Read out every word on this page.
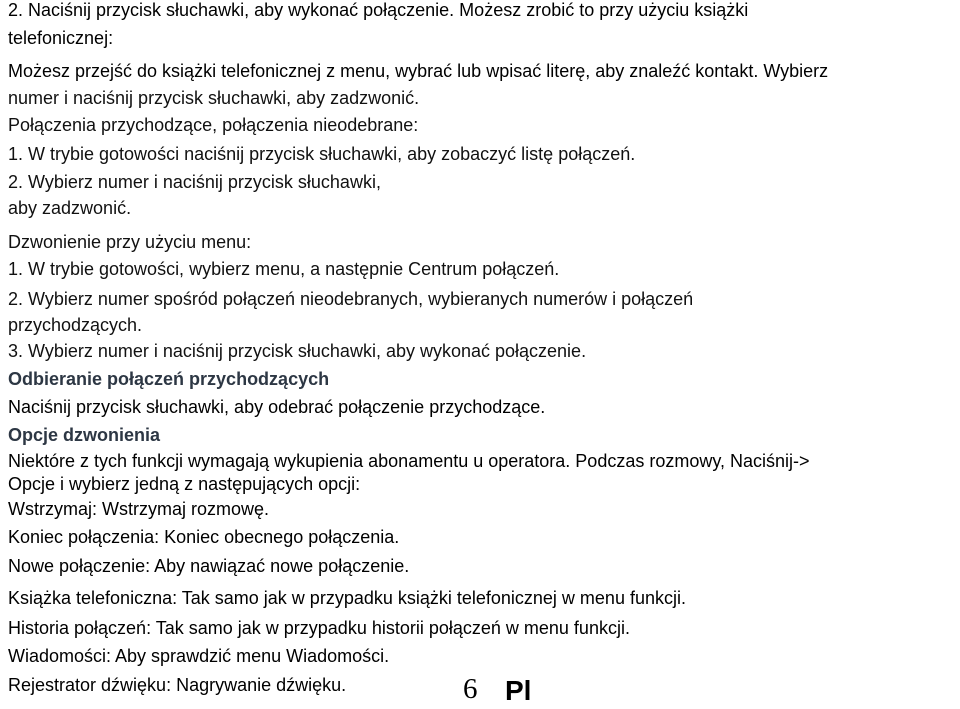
2. Naciśnij przycisk słuchawki, aby wykonać połączenie. Możesz zrobić to przy użyciu książki
telefonicznej:
Możesz przejść do książki telefonicznej z menu, wybrać lub wpisać literę, aby znaleźć kontakt. Wybierz
numer i naciśnij przycisk słuchawki, aby zadzwonić.
Połączenia przychodzące, połączenia nieodebrane:
1. W trybie gotowości naciśnij przycisk słuchawki, aby zobaczyć listę połączeń.
2. Wybierz numer i naciśnij przycisk słuchawki,
aby zadzwonić.
Dzwonienie przy użyciu menu:
1. W trybie gotowości, wybierz menu, a następnie Centrum połączeń.
2. Wybierz numer spośród połączeń nieodebranych, wybieranych numerów i połączeń
przychodzących.
3. Wybierz numer i naciśnij przycisk słuchawki, aby wykonać połączenie.
Odbieranie połączeń przychodzących
Naciśnij przycisk słuchawki, aby odebrać połączenie przychodzące.
Opcje dzwonienia
Niektóre z tych funkcji wymagają wykupienia abonamentu u operatora. Podczas rozmowy, Naciśnij->
Opcje i wybierz jedną z następujących opcji:
Wstrzymaj: Wstrzymaj rozmowę.
Koniec połączenia: Koniec obecnego połączenia.
Nowe połączenie: Aby nawiązać nowe połączenie.
Książka telefoniczna: Tak samo jak w przypadku książki telefonicznej w menu funkcji.
Historia połączeń: Tak samo jak w przypadku historii połączeń w menu funkcji.
Wiadomości: Aby sprawdzić menu Wiadomości.
Rejestrator dźwięku: Nagrywanie dźwięku.	6 Pl
